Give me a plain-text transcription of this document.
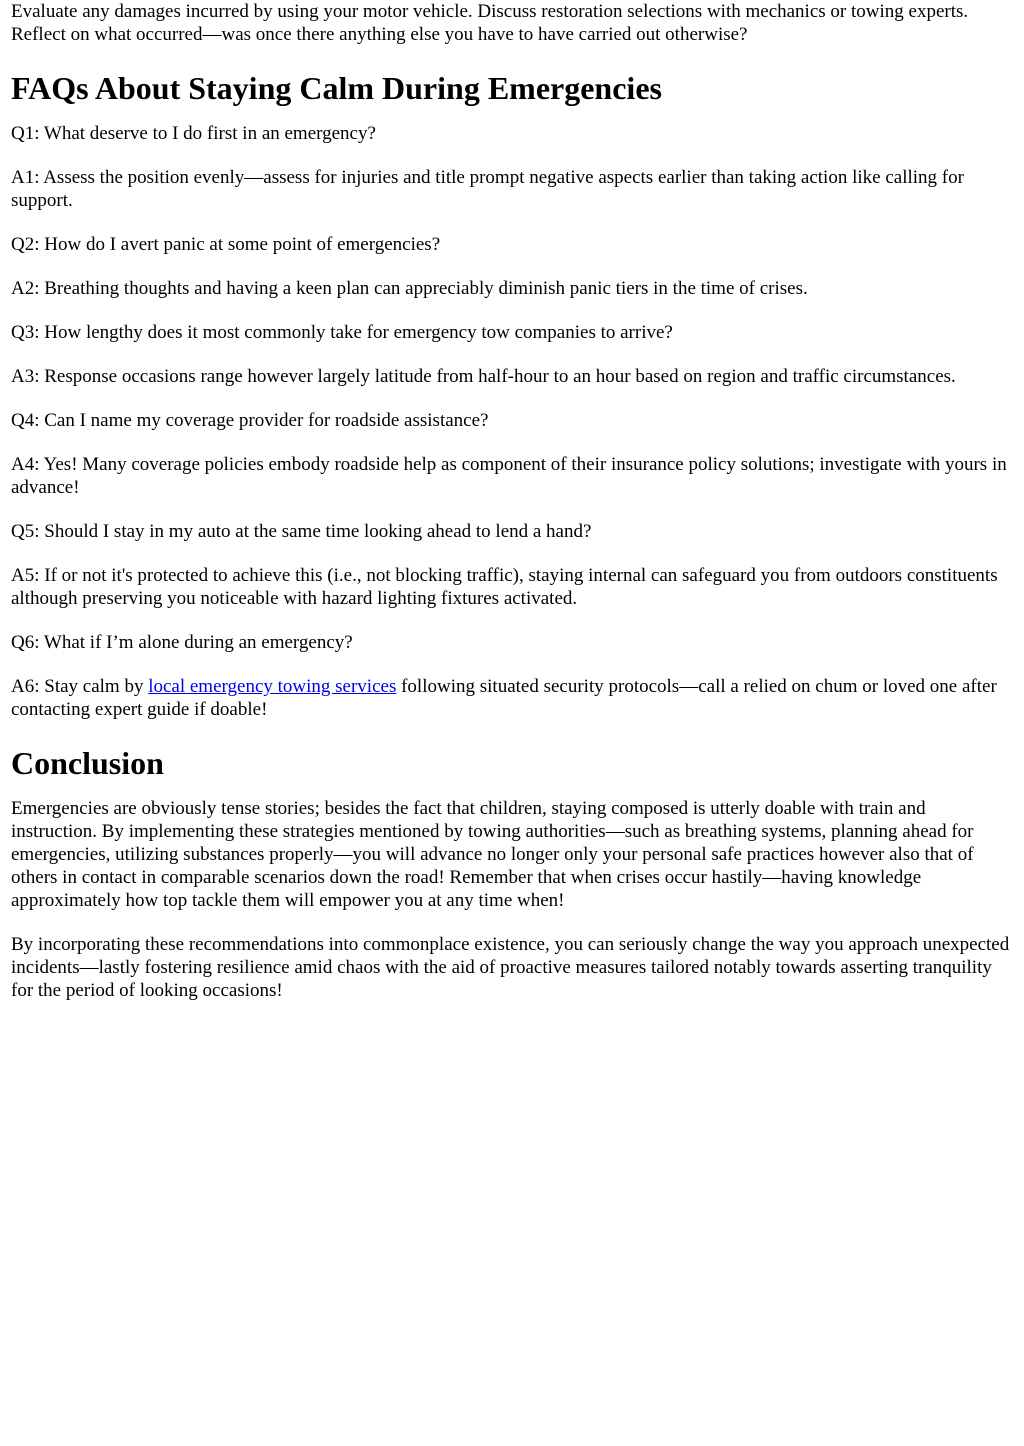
Evaluate any damages incurred by using your motor vehicle. Discuss restoration selections with mechanics or towing experts. Reflect on what occurred—was once there anything else you have to have carried out otherwise?

FAQs About Staying Calm During Emergencies

Q1: What deserve to I do first in an emergency?

A1: Assess the position evenly—assess for injuries and title prompt negative aspects earlier than taking action like calling for support.

Q2: How do I avert panic at some point of emergencies?

A2: Breathing thoughts and having a keen plan can appreciably diminish panic tiers in the time of crises.

Q3: How lengthy does it most commonly take for emergency tow companies to arrive?

A3: Response occasions range however largely latitude from half-hour to an hour based on region and traffic circumstances.

Q4: Can I name my coverage provider for roadside assistance?

A4: Yes! Many coverage policies embody roadside help as component of their insurance policy solutions; investigate with yours in advance!

Q5: Should I stay in my auto at the same time looking ahead to lend a hand?

A5: If or not it's protected to achieve this (i.e., not blocking traffic), staying internal can safeguard you from outdoors constituents although preserving you noticeable with hazard lighting fixtures activated.

Q6: What if I’m alone during an emergency?

A6: Stay calm by local emergency towing services following situated security protocols—call a relied on chum or loved one after contacting expert guide if doable!

Conclusion

Emergencies are obviously tense stories; besides the fact that children, staying composed is utterly doable with train and instruction. By implementing these strategies mentioned by towing authorities—such as breathing systems, planning ahead for emergencies, utilizing substances properly—you will advance no longer only your personal safe practices however also that of others in contact in comparable scenarios down the road! Remember that when crises occur hastily—having knowledge approximately how top tackle them will empower you at any time when!

By incorporating these recommendations into commonplace existence, you can seriously change the way you approach unexpected incidents—lastly fostering resilience amid chaos with the aid of proactive measures tailored notably towards asserting tranquility for the period of looking occasions!
